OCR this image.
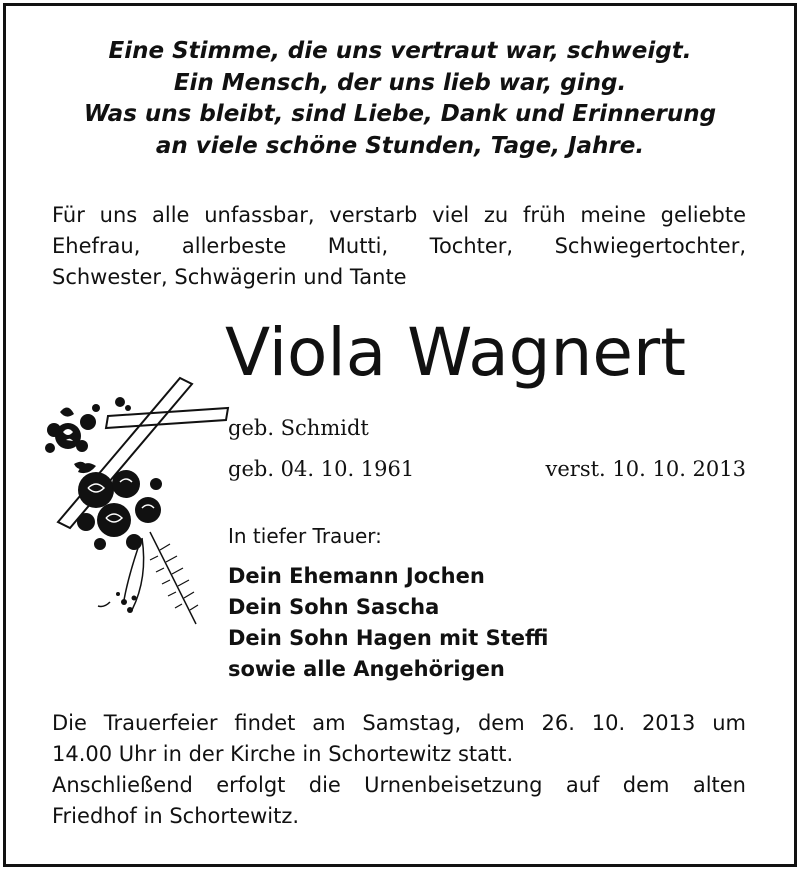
Eine Stimme, die uns vertraut war, schweigt.
Ein Mensch, der uns lieb war, ging.
Was uns bleibt, sind Liebe, Dank und Erinnerung
an viele schöne Stunden, Tage, Jahre.
Für uns alle unfassbar, verstarb viel zu früh meine geliebte
Ehefrau, allerbeste Mutti, Tochter, Schwiegertochter,
Schwester, Schwägerin und Tante
Viola Wagnert
geb. Schmidt
geb. 04. 10. 1961	verst. 10. 10. 2013
In tiefer Trauer:
Dein Ehemann Jochen
Dein Sohn Sascha
Dein Sohn Hagen mit Steffi
sowie alle Angehörigen
Die Trauerfeier findet am Samstag, dem 26. 10. 2013 um
14.00 Uhr in der Kirche in Schortewitz statt.
Anschließend erfolgt die Urnenbeisetzung auf dem alten
Friedhof in Schortewitz.
